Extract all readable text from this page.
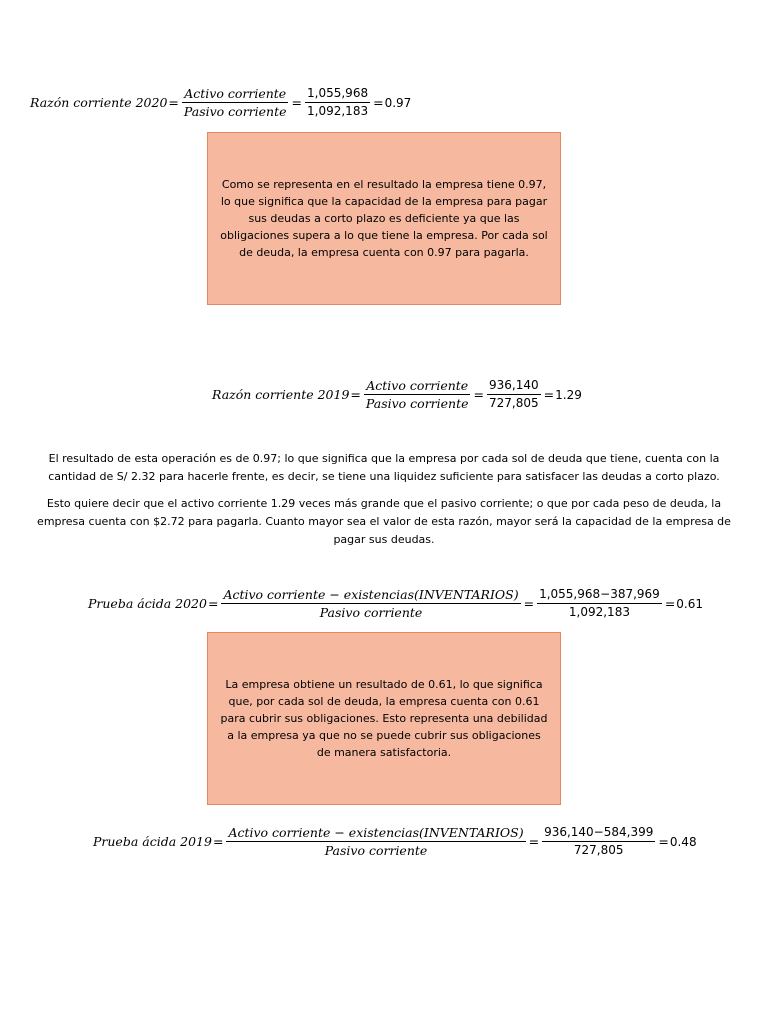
Razón corriente $2020 = \frac{\text{Activo corriente}}{\text{Pasivo corriente}} = \frac{1,055,968}{1,092,183} = 0.97$
Como se representa en el resultado la empresa tiene 0.97, lo que significa que la capacidad de la empresa para pagar sus deudas a corto plazo es deficiente ya que las obligaciones supera a lo que tiene la empresa. Por cada sol de deuda, la empresa cuenta con 0.97 para pagarla.
Razón corriente $2019 = \frac{\text{Activo corriente}}{\text{Pasivo corriente}} = \frac{936,140}{727,805} = 1.29$
El resultado de esta operación es de 0.97; lo que significa que la empresa por cada sol de deuda que tiene, cuenta con la cantidad de S/ 2.32 para hacerle frente, es decir, se tiene una liquidez suficiente para satisfacer las deudas a corto plazo.
Esto quiere decir que el activo corriente 1.29 veces más grande que el pasivo corriente; o que por cada peso de deuda, la empresa cuenta con $2.72 para pagarla. Cuanto mayor sea el valor de esta razón, mayor será la capacidad de la empresa de pagar sus deudas.
Prueba ácida $2020 = \frac{\text{Activo corriente − existencias(INVENTARIOS)}}{\text{Pasivo corriente}} = \frac{1,055,968-387,969}{1,092,183} = 0.61$
La empresa obtiene un resultado de 0.61, lo que significa que, por cada sol de deuda, la empresa cuenta con 0.61 para cubrir sus obligaciones. Esto representa una debilidad a la empresa ya que no se puede cubrir sus obligaciones de manera satisfactoria.
Prueba ácida $2019 = \frac{\text{Activo corriente − existencias(INVENTARIOS)}}{\text{Pasivo corriente}} = \frac{936,140-584,399}{727,805} = 0.48$
